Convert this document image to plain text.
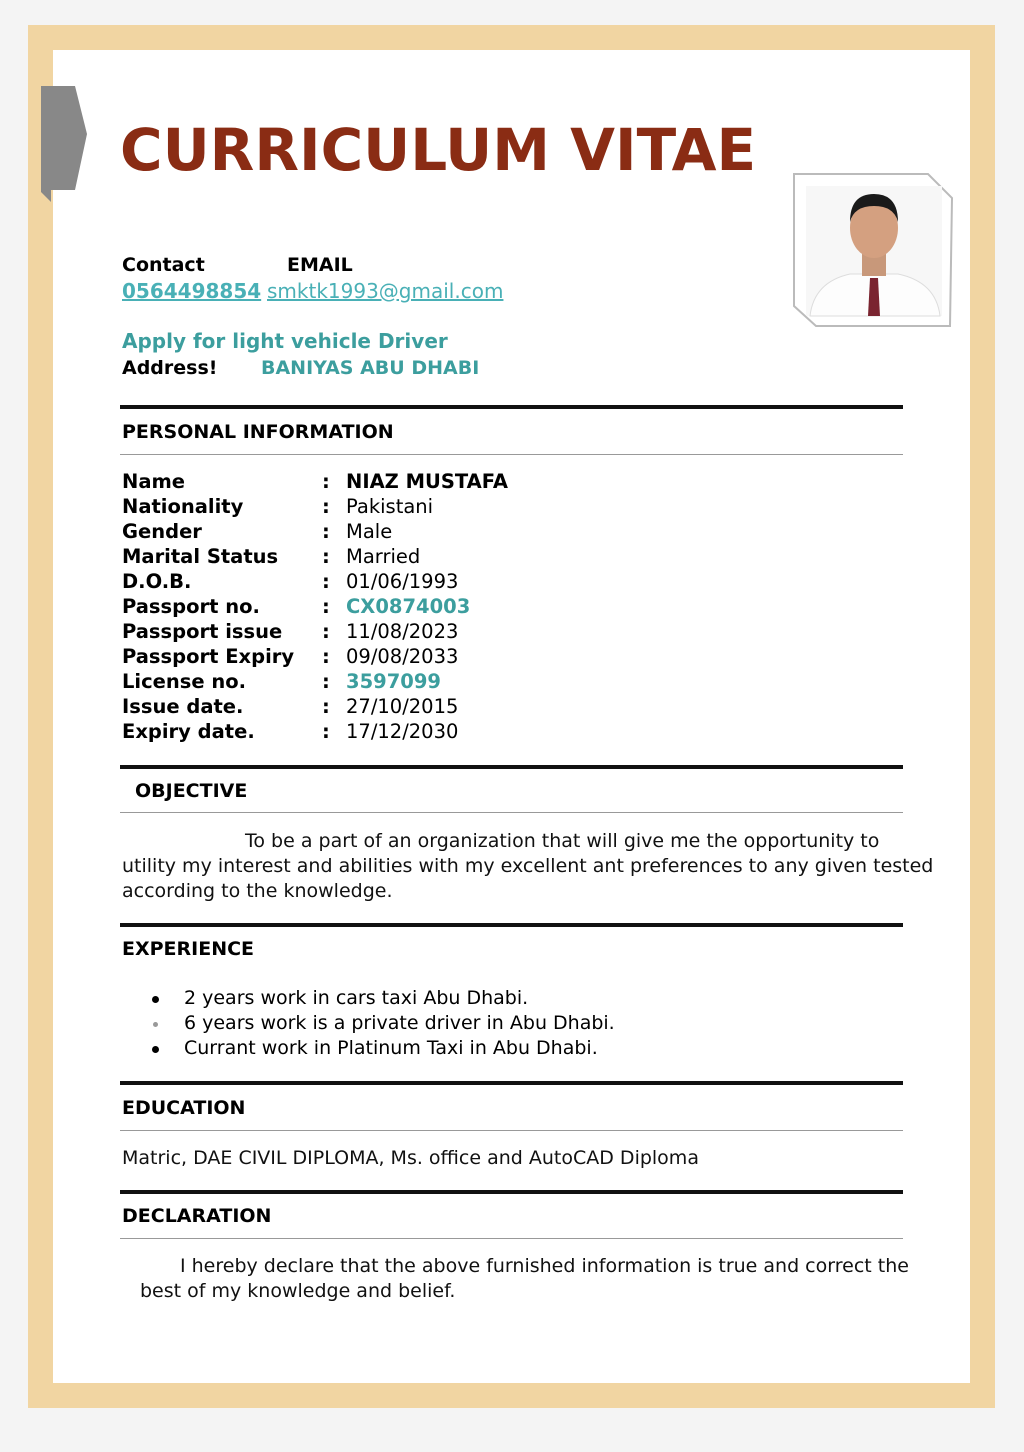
CURRICULUM VITAE
Contact	EMAIL
0564498854 smktk1993@gmail.com
Apply for light vehicle Driver
Address! BANIYAS ABU DHABI
PERSONAL INFORMATION
Name	: NIAZ MUSTAFA
Nationality	: Pakistani
Gender	: Male
Marital Status : Married
D.O.B.	: 01/06/1993
Passport no.	: CX0874003
Passport issue : 11/08/2023
Passport Expiry : 09/08/2033
License no.	: 3597099
Issue date.	: 27/10/2015
Expiry date.	: 17/12/2030
OBJECTIVE
To be a part of an organization that will give me the opportunity to
utility my interest and abilities with my excellent ant preferences to any given tested
according to the knowledge.
EXPERIENCE
2 years work in cars taxi Abu Dhabi.
6 years work is a private driver in Abu Dhabi.
Currant work in Platinum Taxi in Abu Dhabi.
EDUCATION
Matric, DAE CIVIL DIPLOMA, Ms. office and AutoCAD Diploma
DECLARATION
I hereby declare that the above furnished information is true and correct the
best of my knowledge and belief.
